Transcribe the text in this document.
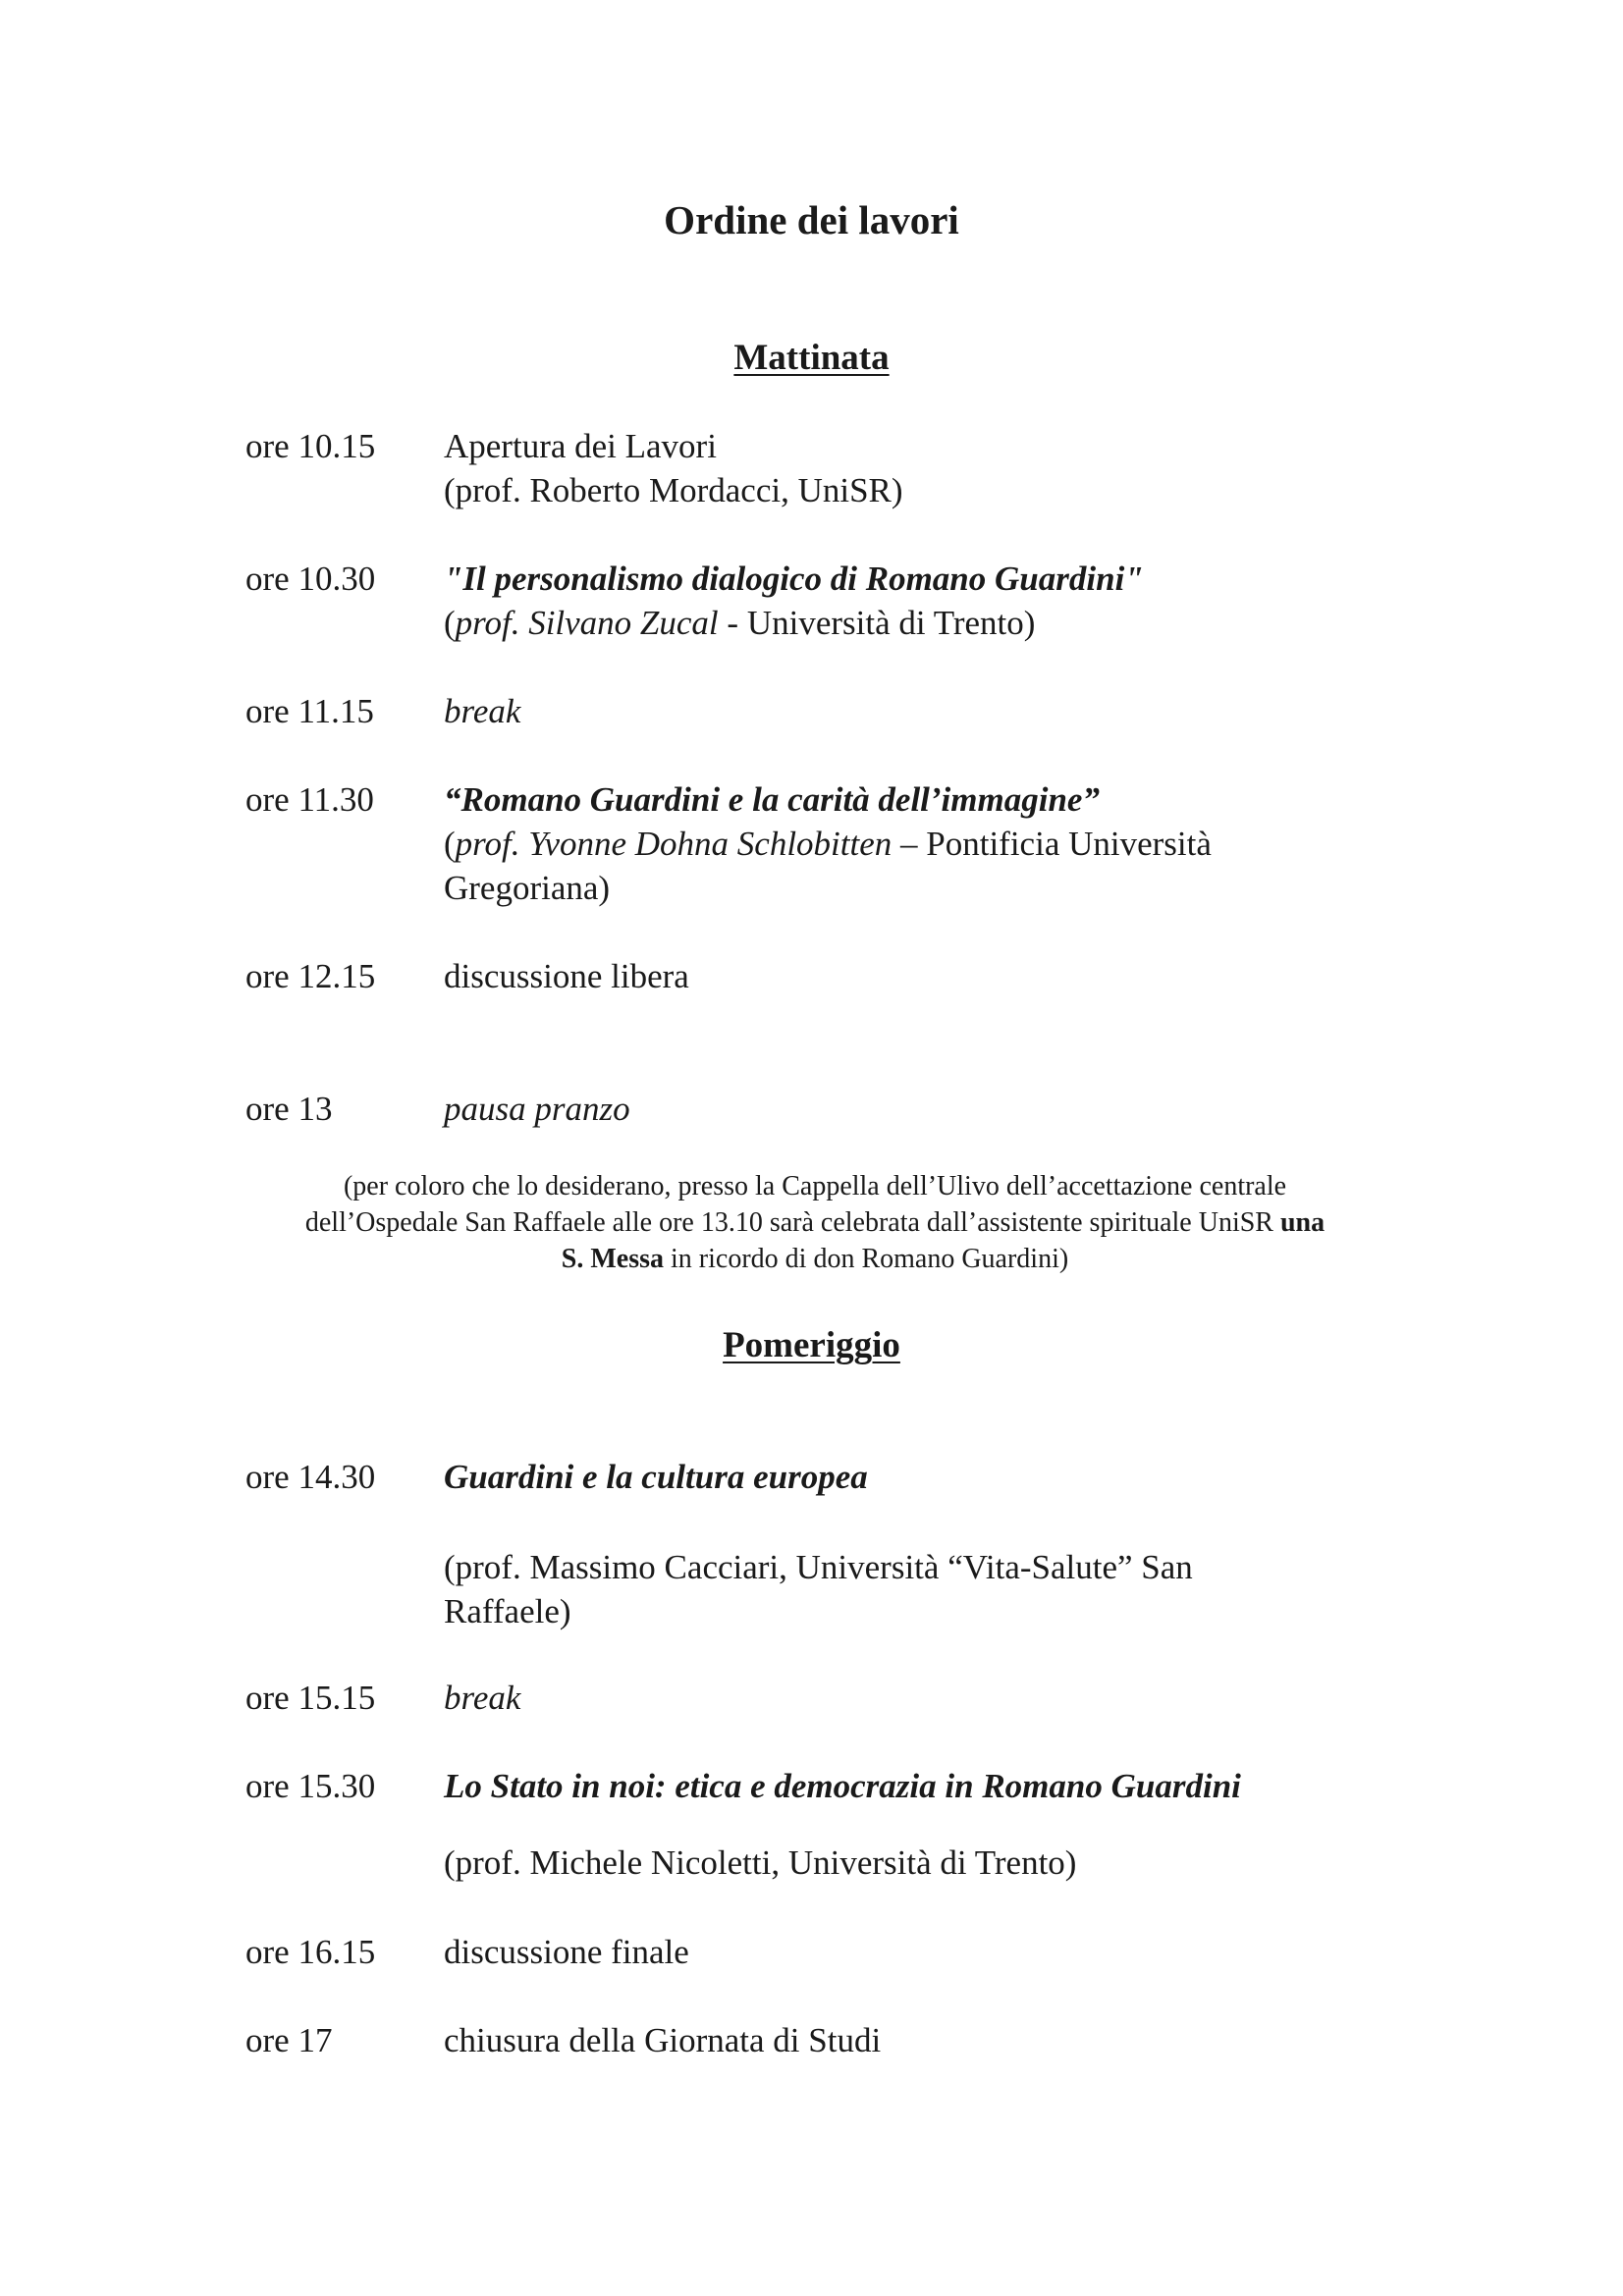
Ordine dei lavori
Mattinata
ore 10.15 Apertura dei Lavori
(prof. Roberto Mordacci, UniSR)
ore 10.30 "Il personalismo dialogico di Romano Guardini"
(prof. Silvano Zucal - Università di Trento)
ore 11.15 break
ore 11.30 “Romano Guardini e la carità dell’immagine”
(prof. Yvonne Dohna Schlobitten – Pontificia Università
Gregoriana)
ore 12.15 discussione libera
ore 13	pausa pranzo
(per coloro che lo desiderano, presso la Cappella dell’Ulivo dell’accettazione centrale
dell’Ospedale San Raffaele alle ore 13.10 sarà celebrata dall’assistente spirituale UniSR una
S. Messa in ricordo di don Romano Guardini)
Pomeriggio
ore 14.30 Guardini e la cultura europea
(prof. Massimo Cacciari, Università “Vita-Salute” San
Raffaele)
ore 15.15 break
ore 15.30 Lo Stato in noi: etica e democrazia in Romano Guardini
(prof. Michele Nicoletti, Università di Trento)
ore 16.15 discussione finale
ore 17	chiusura della Giornata di Studi
